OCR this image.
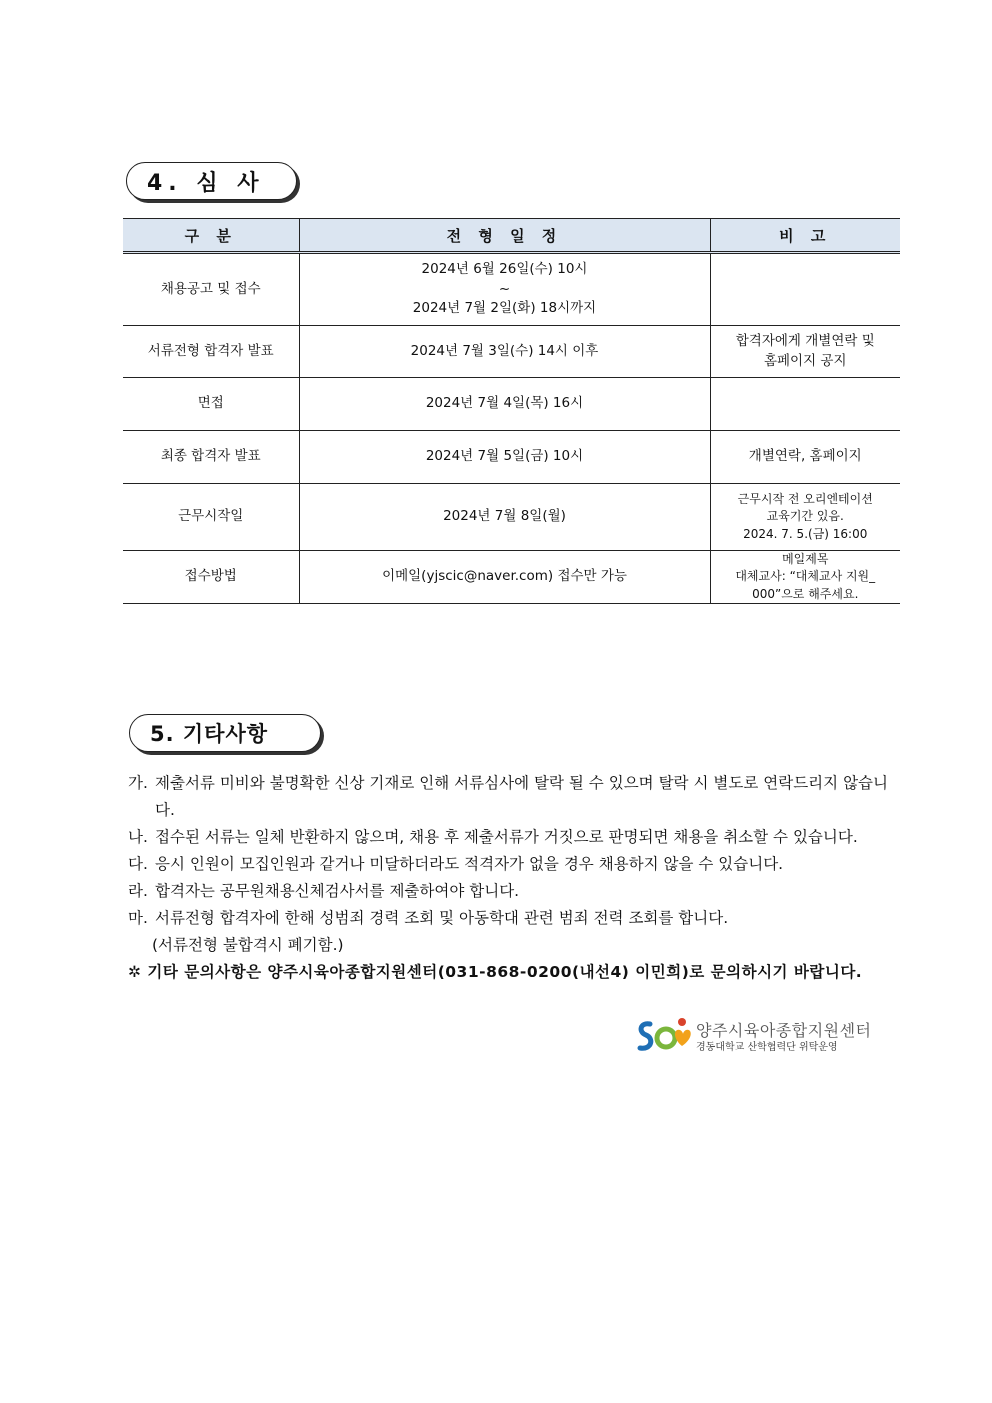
4. 심 사
구 분	전 형 일 정	비 고
채용공고 및 접수	2024년 6월 26일(수) 10시
~
2024년 7월 2일(화) 18시까지	

서류전형 합격자 발표	2024년 7월 3일(수) 14시 이후	합격자에게 개별연락 및
홈페이지 공지

면접	2024년 7월 4일(목) 16시	

최종 합격자 발표	2024년 7월 5일(금) 10시	개별연락, 홈페이지

근무시작일	2024년 7월 8일(월)	근무시작 전 오리엔테이션
교육기간 있음.
2024. 7. 5.(금) 16:00

접수방법	이메일(yjscic@naver.com) 접수만 가능	메일제목
대체교사: “대체교사 지원_
000”으로 해주세요.
5. 기타사항
가. 제출서류 미비와 불명확한 신상 기재로 인해 서류심사에 탈락 될 수 있으며 탈락 시 별도로 연락드리지 않습니다.
나. 접수된 서류는 일체 반환하지 않으며, 채용 후 제출서류가 거짓으로 판명되면 채용을 취소할 수 있습니다.
다. 응시 인원이 모집인원과 같거나 미달하더라도 적격자가 없을 경우 채용하지 않을 수 있습니다.
라. 합격자는 공무원채용신체검사서를 제출하여야 합니다.
마. 서류전형 합격자에 한해 성범죄 경력 조회 및 아동학대 관련 범죄 전력 조회를 합니다.
(서류전형 불합격시 폐기함.)
✲ 기타 문의사항은 양주시육아종합지원센터(031-868-0200(내선4) 이민희)로 문의하시기 바랍니다.
양주시육아종합지원센터
경동대학교 산학협력단 위탁운영
